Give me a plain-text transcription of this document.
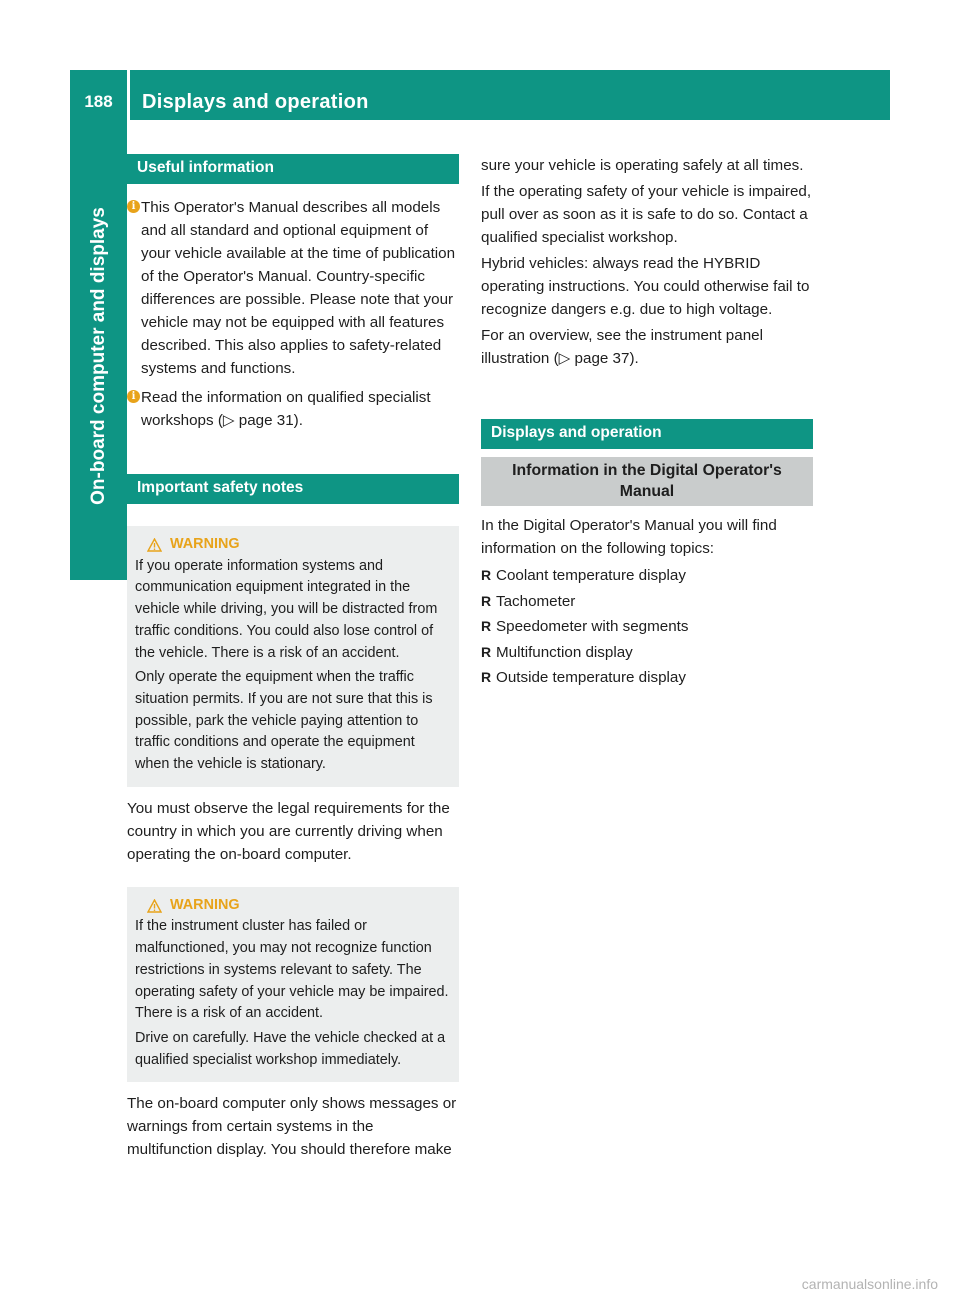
188	Displays and operation
On-board computer and displays
Useful information
i This Operator's Manual describes all models and all standard and optional equipment of your vehicle available at the time of publication of the Operator's Manual. Country-specific differences are possible. Please note that your vehicle may not be equipped with all features described. This also applies to safety-related systems and functions.
i Read the information on qualified specialist workshops (▷ page 31).
Important safety notes
WARNING

If you operate information systems and communication equipment integrated in the vehicle while driving, you will be distracted from traffic conditions. You could also lose control of the vehicle. There is a risk of an accident.

Only operate the equipment when the traffic situation permits. If you are not sure that this is possible, park the vehicle paying attention to traffic conditions and operate the equipment when the vehicle is stationary.

You must observe the legal requirements for the country in which you are currently driving when operating the on-board computer.

WARNING

If the instrument cluster has failed or malfunctioned, you may not recognize function restrictions in systems relevant to safety. The operating safety of your vehicle may be impaired. There is a risk of an accident.

Drive on carefully. Have the vehicle checked at a qualified specialist workshop immediately.

The on-board computer only shows messages or warnings from certain systems in the multifunction display. You should therefore make

sure your vehicle is operating safely at all times.

If the operating safety of your vehicle is impaired, pull over as soon as it is safe to do so. Contact a qualified specialist workshop.

Hybrid vehicles: always read the HYBRID operating instructions. You could otherwise fail to recognize dangers e.g. due to high voltage.

For an overview, see the instrument panel illustration (▷ page 37).

Displays and operation
Information in the Digital Operator's Manual

In the Digital Operator's Manual you will find information on the following topics:

R Coolant temperature display
R Tachometer
R Speedometer with segments
R Multifunction display
R Outside temperature display
carmanualsonline.info
